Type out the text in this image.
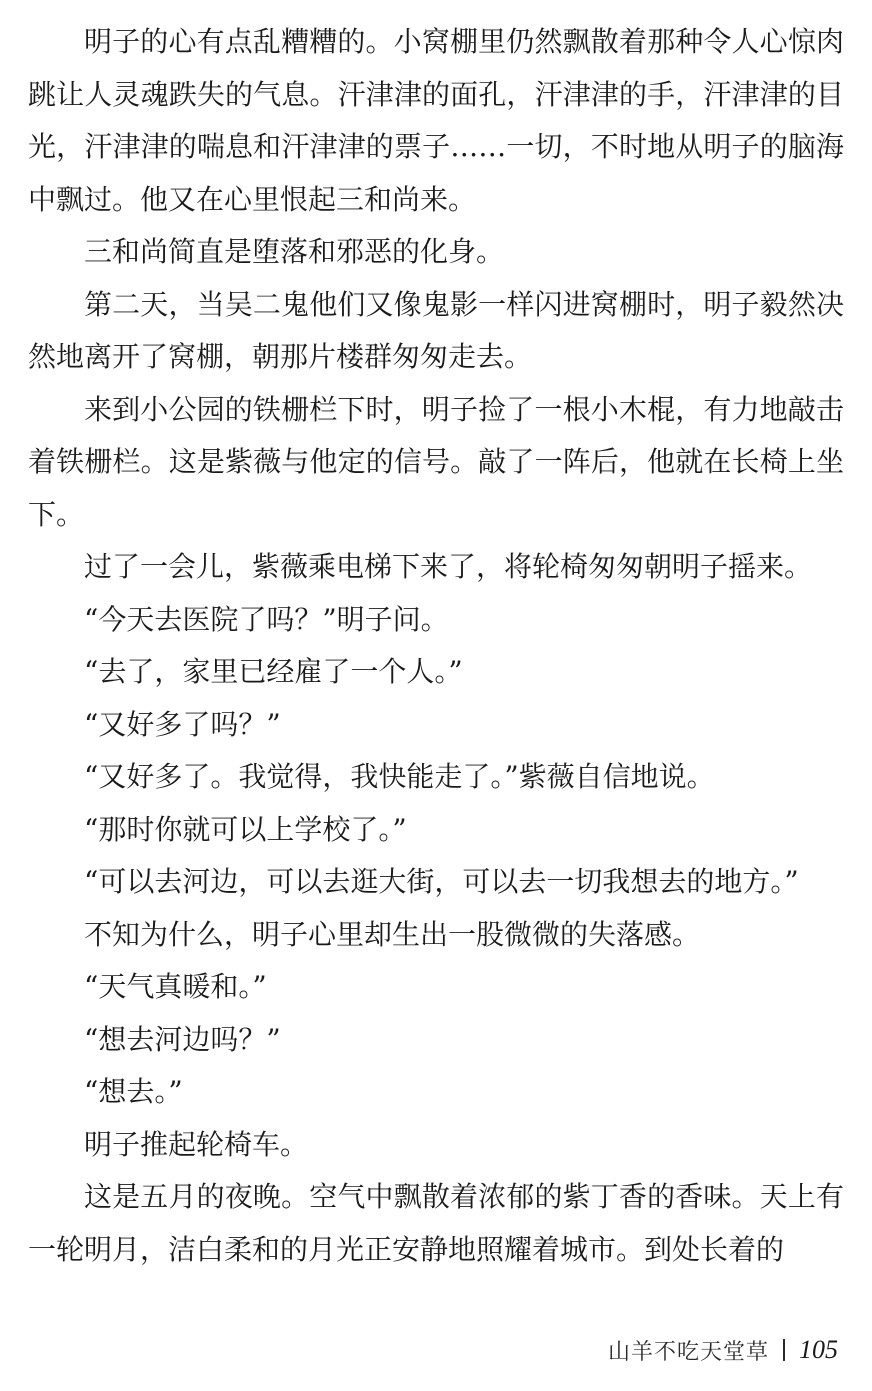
明子的心有点乱糟糟的。小窝棚里仍然飘散着那种令人心惊肉跳让人灵魂跌失的气息。汗津津的面孔，汗津津的手，汗津津的目光，汗津津的喘息和汗津津的票子……一切，不时地从明子的脑海中飘过。他又在心里恨起三和尚来。

三和尚简直是堕落和邪恶的化身。

第二天，当吴二鬼他们又像鬼影一样闪进窝棚时，明子毅然决然地离开了窝棚，朝那片楼群匆匆走去。

来到小公园的铁栅栏下时，明子捡了一根小木棍，有力地敲击着铁栅栏。这是紫薇与他定的信号。敲了一阵后，他就在长椅上坐下。

过了一会儿，紫薇乘电梯下来了，将轮椅匆匆朝明子摇来。

“今天去医院了吗？”明子问。

“去了，家里已经雇了一个人。”

“又好多了吗？”

“又好多了。我觉得，我快能走了。”紫薇自信地说。

“那时你就可以上学校了。”

“可以去河边，可以去逛大街，可以去一切我想去的地方。”

不知为什么，明子心里却生出一股微微的失落感。

“天气真暖和。”

“想去河边吗？”

“想去。”

明子推起轮椅车。

这是五月的夜晚。空气中飘散着浓郁的紫丁香的香味。天上有一轮明月，洁白柔和的月光正安静地照耀着城市。到处长着的

山羊不吃天堂草 105
